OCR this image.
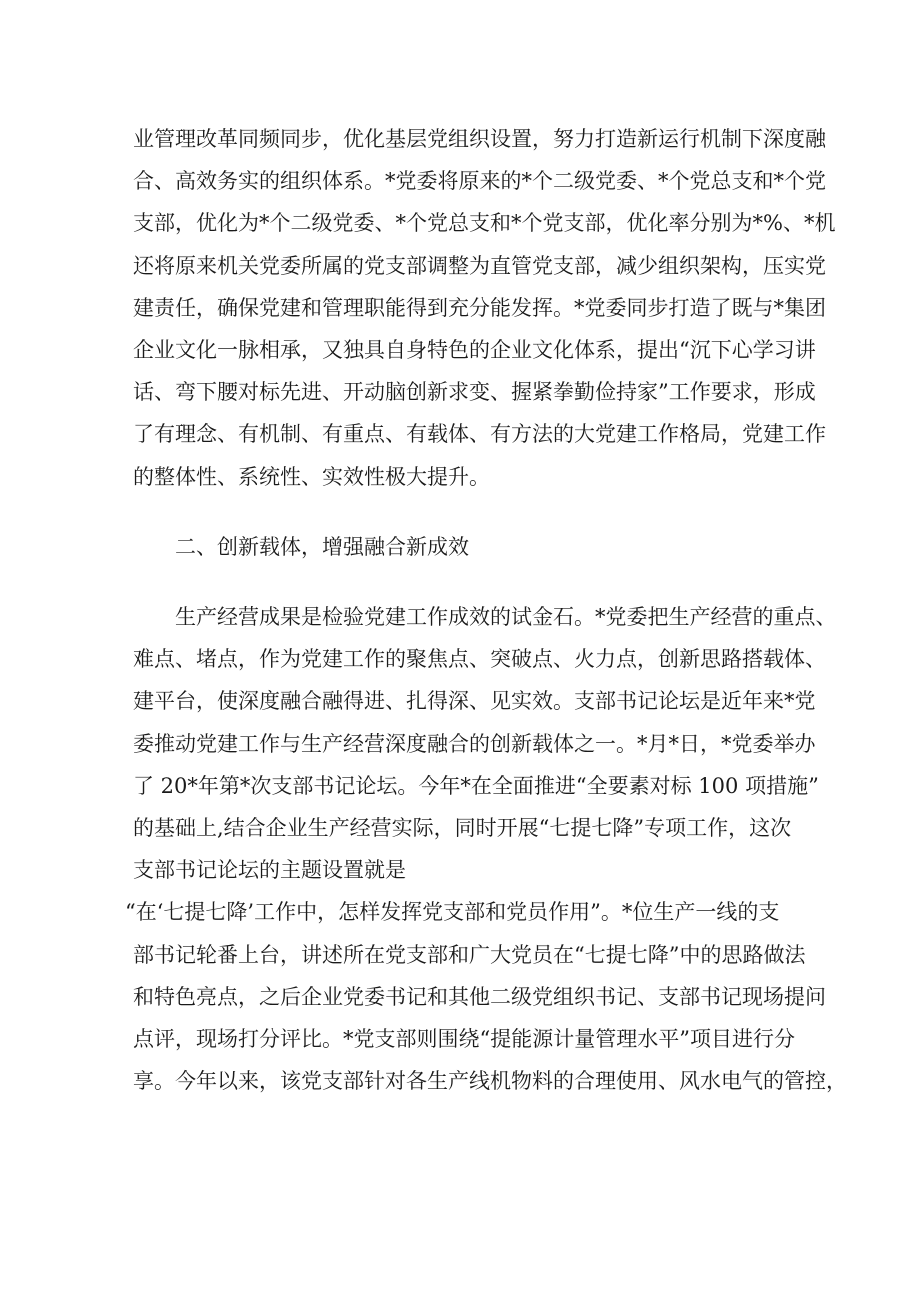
业管理改革同频同步，优化基层党组织设置，努力打造新运行机制下深度融
合、高效务实的组织体系。*党委将原来的*个二级党委、*个党总支和*个党
支部，优化为*个二级党委、*个党总支和*个党支部，优化率分别为*%、*机
还将原来机关党委所属的党支部调整为直管党支部，减少组织架构，压实党
建责任，确保党建和管理职能得到充分能发挥。*党委同步打造了既与*集团
企业文化一脉相承，又独具自身特色的企业文化体系，提出“沉下心学习讲
话、弯下腰对标先进、开动脑创新求变、握紧拳勤俭持家”工作要求，形成
了有理念、有机制、有重点、有载体、有方法的大党建工作格局，党建工作
的整体性、系统性、实效性极大提升。
二、创新载体，增强融合新成效
生产经营成果是检验党建工作成效的试金石。*党委把生产经营的重点、
难点、堵点，作为党建工作的聚焦点、突破点、火力点，创新思路搭载体、
建平台，使深度融合融得进、扎得深、见实效。支部书记论坛是近年来*党
委推动党建工作与生产经营深度融合的创新载体之一。*月*日，*党委举办
了 20*年第*次支部书记论坛。今年*在全面推进“全要素对标 100 项措施”
的基础上,结合企业生产经营实际，同时开展“七提七降”专项工作，这次
支部书记论坛的主题设置就是
“在‘七提七降’工作中，怎样发挥党支部和党员作用”。*位生产一线的支
部书记轮番上台，讲述所在党支部和广大党员在“七提七降”中的思路做法
和特色亮点，之后企业党委书记和其他二级党组织书记、支部书记现场提问
点评，现场打分评比。*党支部则围绕“提能源计量管理水平”项目进行分
享。今年以来，该党支部针对各生产线机物料的合理使用、风水电气的管控，
